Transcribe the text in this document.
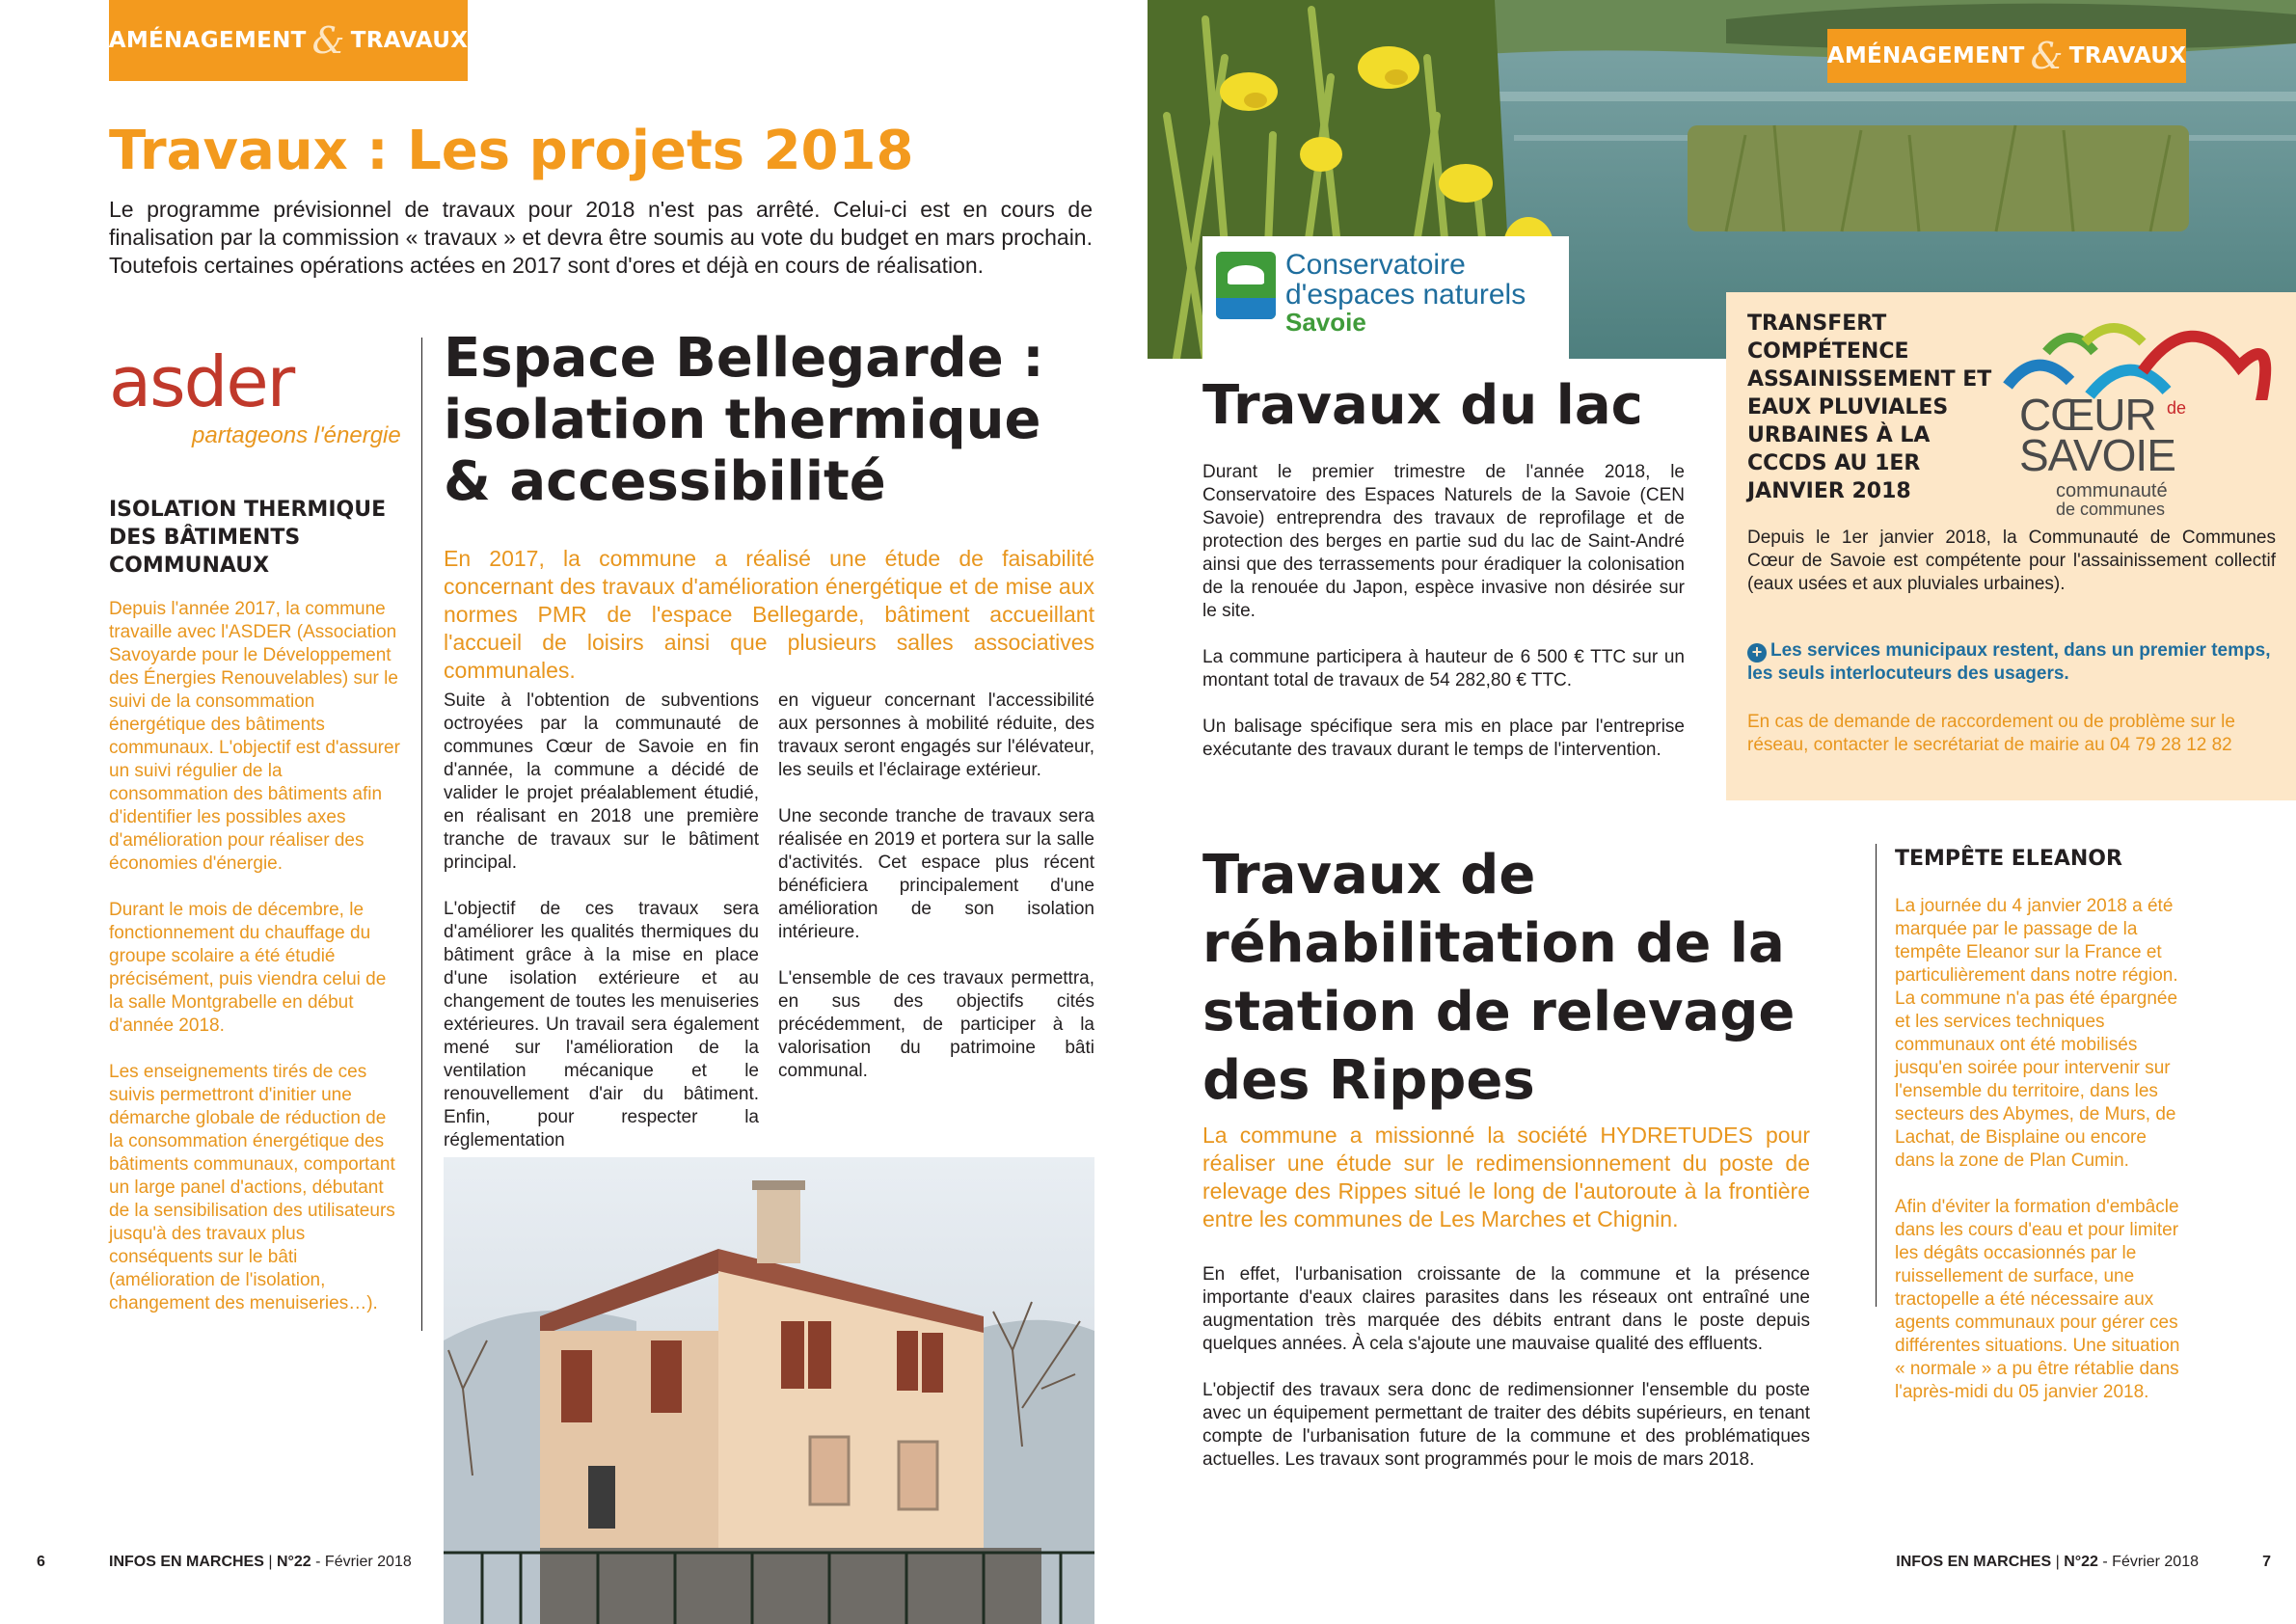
AMÉNAGEMENT & TRAVAUX
Travaux : Les projets 2018
Le programme prévisionnel de travaux pour 2018 n'est pas arrêté. Celui-ci est en cours de finalisation par la commission « travaux » et devra être soumis au vote du budget en mars prochain. Toutefois certaines opérations actées en 2017 sont d'ores et déjà en cours de réalisation.
asder
partageons l'énergie
ISOLATION THERMIQUE DES BÂTIMENTS COMMUNAUX

Depuis l'année 2017, la commune travaille avec l'ASDER (Association Savoyarde pour le Développement des Énergies Renouvelables) sur le suivi de la consommation énergétique des bâtiments communaux. L'objectif est d'assurer un suivi régulier de la consommation des bâtiments afin d'identifier les possibles axes d'amélioration pour réaliser des économies d'énergie.

Durant le mois de décembre, le fonctionnement du chauffage du groupe scolaire a été étudié précisément, puis viendra celui de la salle Montgrabelle en début d'année 2018.

Les enseignements tirés de ces suivis permettront d'initier une démarche globale de réduction de la consommation énergétique des bâtiments communaux, comportant un large panel d'actions, débutant de la sensibilisation des utilisateurs jusqu'à des travaux plus conséquents sur le bâti (amélioration de l'isolation, changement des menuiseries…).

Espace Bellegarde : isolation thermique & accessibilité
En 2017, la commune a réalisé une étude de faisabilité concernant des travaux d'amélioration énergétique et de mise aux normes PMR de l'espace Bellegarde, bâtiment accueillant l'accueil de loisirs ainsi que plusieurs salles associatives communales.

Suite à l'obtention de subventions octroyées par la communauté de communes Cœur de Savoie en fin d'année, la commune a décidé de valider le projet préalablement étudié, en réalisant en 2018 une première tranche de travaux sur le bâtiment principal.

L'objectif de ces travaux sera d'améliorer les qualités thermiques du bâtiment grâce à la mise en place d'une isolation extérieure et au changement de toutes les menuiseries extérieures. Un travail sera également mené sur l'amélioration de la ventilation mécanique et le renouvellement d'air du bâtiment. Enfin, pour respecter la réglementation

en vigueur concernant l'accessibilité aux personnes à mobilité réduite, des travaux seront engagés sur l'élévateur, les seuils et l'éclairage extérieur.

Une seconde tranche de travaux sera réalisée en 2019 et portera sur la salle d'activités. Cet espace plus récent bénéficiera principalement d'une amélioration de son isolation intérieure.

L'ensemble de ces travaux permettra, en sus des objectifs cités précédemment, de participer à la valorisation du patrimoine bâti communal.

6	INFOS EN MARCHES | N°22 - Février 2018
AMÉNAGEMENT & TRAVAUX
Conservatoire
d'espaces naturels
Savoie
Travaux du lac

Durant le premier trimestre de l'année 2018, le Conservatoire des Espaces Naturels de la Savoie (CEN Savoie) entreprendra des travaux de reprofilage et de protection des berges en partie sud du lac de Saint-André ainsi que des terrassements pour éradiquer la colonisation de la renouée du Japon, espèce invasive non désirée sur le site.

La commune participera à hauteur de 6 500 € TTC sur un montant total de travaux de 54 282,80 € TTC.

Un balisage spécifique sera mis en place par l'entreprise exécutante des travaux durant le temps de l'intervention.

TRANSFERT COMPÉTENCE ASSAINISSEMENT ET EAUX PLUVIALES URBAINES À LA CCCDS AU 1ER JANVIER 2018
CŒUR de
SAVOIE
communauté
de communes
Depuis le 1er janvier 2018, la Communauté de Communes Cœur de Savoie est compétente pour l'assainissement collectif (eaux usées et aux pluviales urbaines).
+ Les services municipaux restent, dans un premier temps, les seuls interlocuteurs des usagers.
En cas de demande de raccordement ou de problème sur le réseau, contacter le secrétariat de mairie au 04 79 28 12 82
Travaux de réhabilitation de la station de relevage des Rippes
La commune a missionné la société HYDRETUDES pour réaliser une étude sur le redimensionnement du poste de relevage des Rippes situé le long de l'autoroute à la frontière entre les communes de Les Marches et Chignin.

En effet, l'urbanisation croissante de la commune et la présence importante d'eaux claires parasites dans les réseaux ont entraîné une augmentation très marquée des débits entrant dans le poste depuis quelques années. À cela s'ajoute une mauvaise qualité des effluents.

L'objectif des travaux sera donc de redimensionner l'ensemble du poste avec un équipement permettant de traiter des débits supérieurs, en tenant compte de l'urbanisation future de la commune et des problématiques actuelles. Les travaux sont programmés pour le mois de mars 2018.

TEMPÊTE ELEANOR

La journée du 4 janvier 2018 a été marquée par le passage de la tempête Eleanor sur la France et particulièrement dans notre région. La commune n'a pas été épargnée et les services techniques communaux ont été mobilisés jusqu'en soirée pour intervenir sur l'ensemble du territoire, dans les secteurs des Abymes, de Murs, de Lachat, de Bisplaine ou encore dans la zone de Plan Cumin.

Afin d'éviter la formation d'embâcle dans les cours d'eau et pour limiter les dégâts occasionnés par le ruissellement de surface, une tractopelle a été nécessaire aux agents communaux pour gérer ces différentes situations. Une situation « normale » a pu être rétablie dans l'après-midi du 05 janvier 2018.

INFOS EN MARCHES | N°22 - Février 2018	7
